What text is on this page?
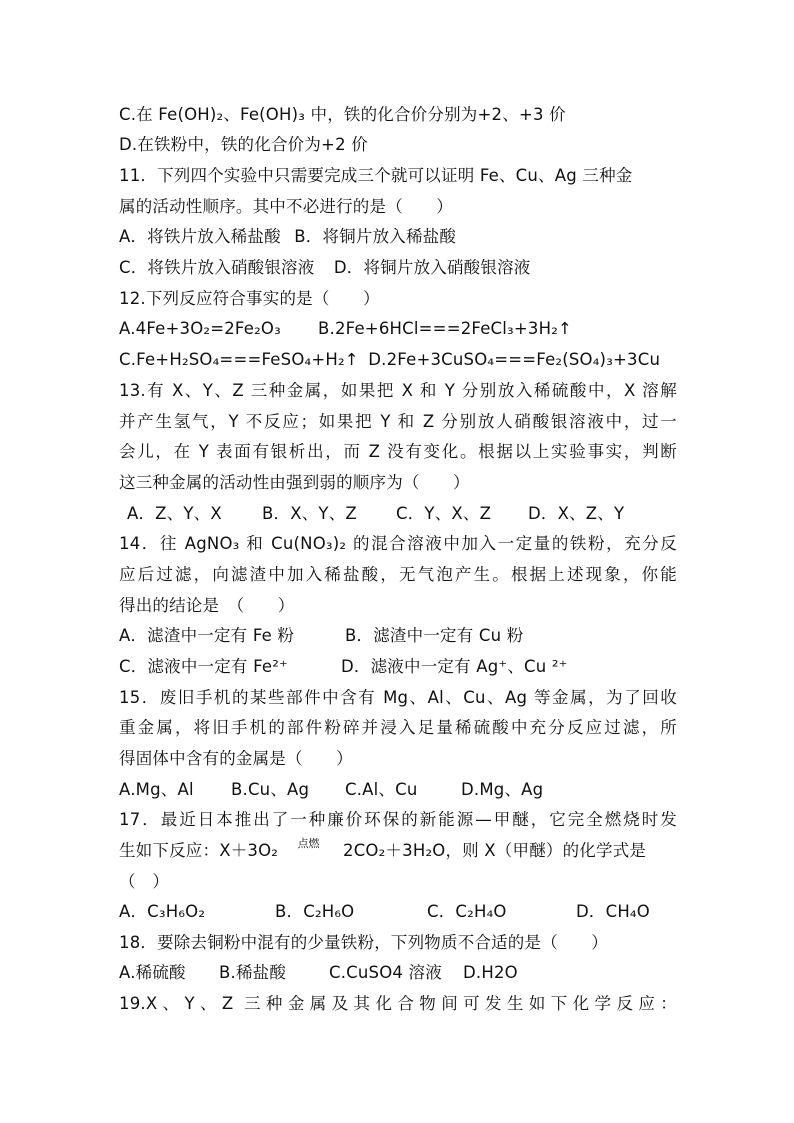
C.在 Fe(OH)₂、Fe(OH)₃ 中，铁的化合价分别为+2、+3 价
D.在铁粉中，铁的化合价为+2 价
11．下列四个实验中只需要完成三个就可以证明 Fe、Cu、Ag 三种金
属的活动性顺序。其中不必进行的是（　　）
A．将铁片放入稀盐酸 B．将铜片放入稀盐酸
C．将铁片放入硝酸银溶液 D．将铜片放入硝酸银溶液
12.下列反应符合事实的是（　　）
A.4Fe+3O₂=2Fe₂O₃ B.2Fe+6HCl===2FeCl₃+3H₂↑
C.Fe+H₂SO₄===FeSO₄+H₂↑ D.2Fe+3CuSO₄===Fe₂(SO₄)₃+3Cu
13.有 X、Y、Z 三种金属，如果把 X 和 Y 分别放入稀硫酸中，X 溶解
并产生氢气，Y 不反应；如果把 Y 和 Z 分别放人硝酸银溶液中，过一
会儿，在 Y 表面有银析出，而 Z 没有变化。根据以上实验事实，判断
这三种金属的活动性由强到弱的顺序为（　　）
A．Z、Y、X B．X、Y、Z C．Y、X、Z D．X、Z、Y
14．往 AgNO₃ 和 Cu(NO₃)₂ 的混合溶液中加入一定量的铁粉，充分反
应后过滤，向滤渣中加入稀盐酸，无气泡产生。根据上述现象，你能
得出的结论是　（　　）
A．滤渣中一定有 Fe 粉	B．滤渣中一定有 Cu 粉
C．滤液中一定有 Fe²⁺	D．滤液中一定有 Ag⁺、Cu ²⁺
15．废旧手机的某些部件中含有 Mg、Al、Cu、Ag 等金属，为了回收
重金属，将旧手机的部件粉碎并浸入足量稀硫酸中充分反应过滤，所
得固体中含有的金属是（　　）
A.Mg、Al B.Cu、Ag C.Al、Cu	D.Mg、Ag
17．最近日本推出了一种廉价环保的新能源—甲醚，它完全燃烧时发
生如下反应：X＋3O₂ 点燃 2CO₂＋3H₂O，则 X（甲醚）的化学式是
（　）
A．C₃H₆O₂	B．C₂H₆O	C．C₂H₄O	D．CH₄O
18．要除去铜粉中混有的少量铁粉，下列物质不合适的是（　　）
A.稀硫酸 B.稀盐酸	C.CuSO4 溶液 D.H2O
19.X、Y、Z 三种金属及其化合物间可发生如下化学反应：
